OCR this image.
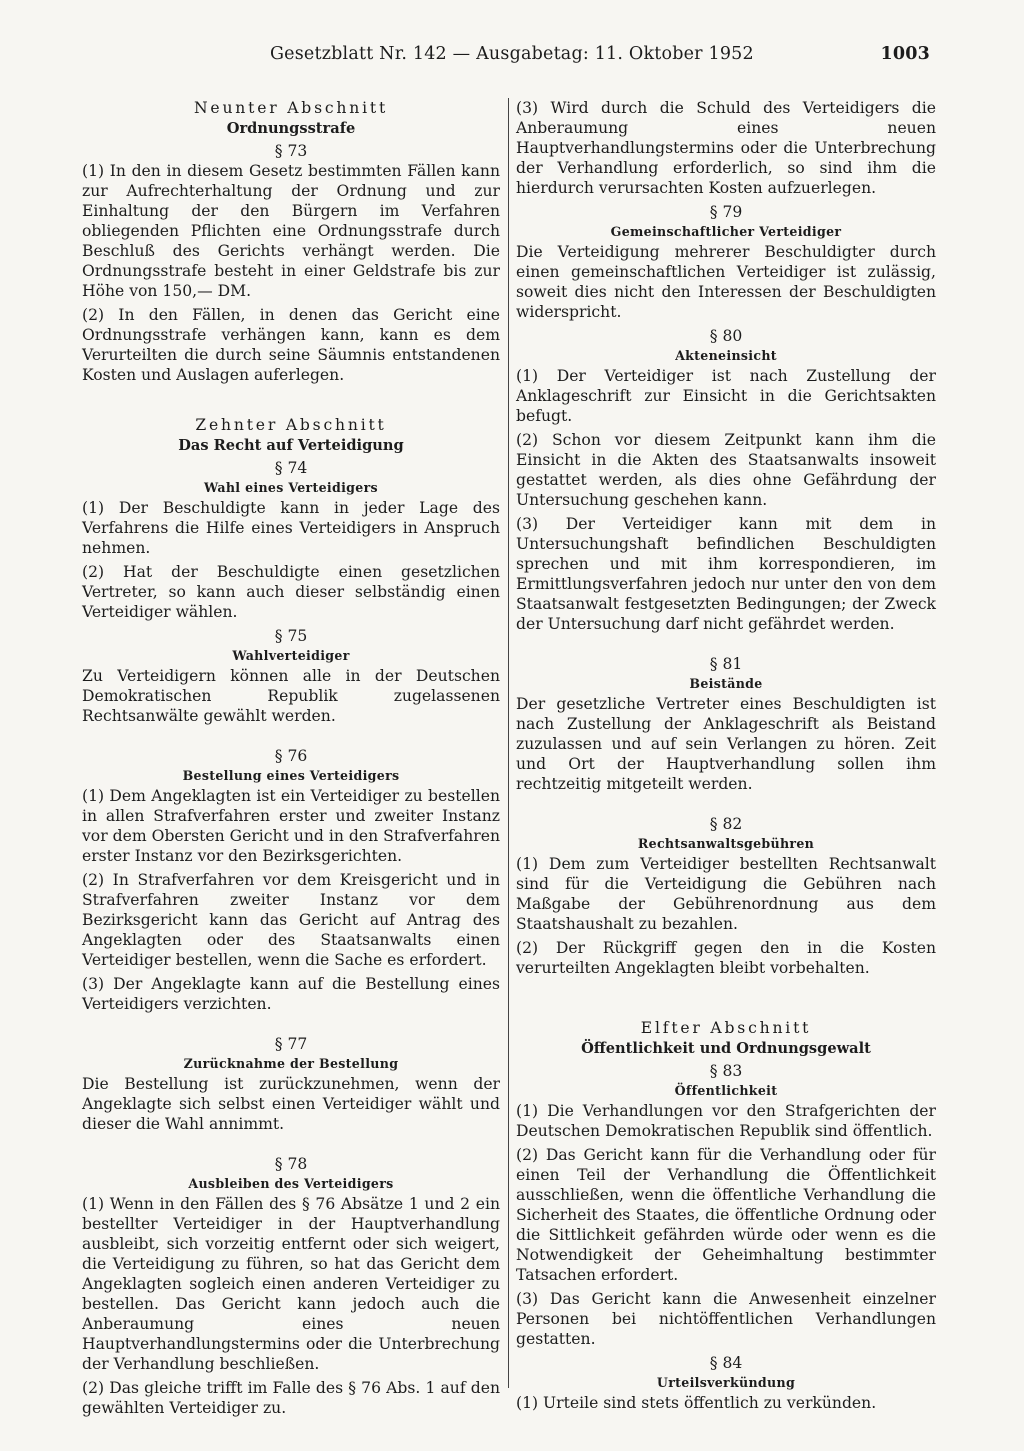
Gesetzblatt Nr. 142 — Ausgabetag: 11. Oktober 1952	1003

Neunter Abschnitt

Ordnungsstrafe

§ 73

(1) In den in diesem Gesetz bestimmten Fällen kann zur Aufrechterhaltung der Ordnung und zur Einhaltung der den Bürgern im Verfahren obliegenden Pflichten eine Ordnungsstrafe durch Beschluß des Gerichts verhängt werden. Die Ordnungsstrafe besteht in einer Geldstrafe bis zur Höhe von 150,— DM.

(2) In den Fällen, in denen das Gericht eine Ordnungsstrafe verhängen kann, kann es dem Verurteilten die durch seine Säumnis entstandenen Kosten und Auslagen auferlegen.

Zehnter Abschnitt

Das Recht auf Verteidigung

§ 74

Wahl eines Verteidigers

(1) Der Beschuldigte kann in jeder Lage des Verfahrens die Hilfe eines Verteidigers in Anspruch nehmen.

(2) Hat der Beschuldigte einen gesetzlichen Vertreter, so kann auch dieser selbständig einen Verteidiger wählen.

§ 75

Wahlverteidiger

Zu Verteidigern können alle in der Deutschen Demokratischen Republik zugelassenen Rechtsanwälte gewählt werden.

§ 76

Bestellung eines Verteidigers

(1) Dem Angeklagten ist ein Verteidiger zu bestellen in allen Strafverfahren erster und zweiter Instanz vor dem Obersten Gericht und in den Strafverfahren erster Instanz vor den Bezirksgerichten.

(2) In Strafverfahren vor dem Kreisgericht und in Strafverfahren zweiter Instanz vor dem Bezirksgericht kann das Gericht auf Antrag des Angeklagten oder des Staatsanwalts einen Verteidiger bestellen, wenn die Sache es erfordert.

(3) Der Angeklagte kann auf die Bestellung eines Verteidigers verzichten.

§ 77

Zurücknahme der Bestellung

Die Bestellung ist zurückzunehmen, wenn der Angeklagte sich selbst einen Verteidiger wählt und dieser die Wahl annimmt.

§ 78

Ausbleiben des Verteidigers

(1) Wenn in den Fällen des § 76 Absätze 1 und 2 ein bestellter Verteidiger in der Hauptverhandlung ausbleibt, sich vorzeitig entfernt oder sich weigert, die Verteidigung zu führen, so hat das Gericht dem Angeklagten sogleich einen anderen Verteidiger zu bestellen. Das Gericht kann jedoch auch die Anberaumung eines neuen Hauptverhandlungstermins oder die Unterbrechung der Verhandlung beschließen.

(2) Das gleiche trifft im Falle des § 76 Abs. 1 auf den gewählten Verteidiger zu.

(3) Wird durch die Schuld des Verteidigers die Anberaumung eines neuen Hauptverhandlungstermins oder die Unterbrechung der Verhandlung erforderlich, so sind ihm die hierdurch verursachten Kosten aufzuerlegen.

§ 79

Gemeinschaftlicher Verteidiger

Die Verteidigung mehrerer Beschuldigter durch einen gemeinschaftlichen Verteidiger ist zulässig, soweit dies nicht den Interessen der Beschuldigten widerspricht.

§ 80

Akteneinsicht

(1) Der Verteidiger ist nach Zustellung der Anklageschrift zur Einsicht in die Gerichtsakten befugt.

(2) Schon vor diesem Zeitpunkt kann ihm die Einsicht in die Akten des Staatsanwalts insoweit gestattet werden, als dies ohne Gefährdung der Untersuchung geschehen kann.

(3) Der Verteidiger kann mit dem in Untersuchungshaft befindlichen Beschuldigten sprechen und mit ihm korrespondieren, im Ermittlungsverfahren jedoch nur unter den von dem Staatsanwalt festgesetzten Bedingungen; der Zweck der Untersuchung darf nicht gefährdet werden.

§ 81

Beistände

Der gesetzliche Vertreter eines Beschuldigten ist nach Zustellung der Anklageschrift als Beistand zuzulassen und auf sein Verlangen zu hören. Zeit und Ort der Hauptverhandlung sollen ihm rechtzeitig mitgeteilt werden.

§ 82

Rechtsanwaltsgebühren

(1) Dem zum Verteidiger bestellten Rechtsanwalt sind für die Verteidigung die Gebühren nach Maßgabe der Gebührenordnung aus dem Staatshaushalt zu bezahlen.

(2) Der Rückgriff gegen den in die Kosten verurteilten Angeklagten bleibt vorbehalten.

Elfter Abschnitt

Öffentlichkeit und Ordnungsgewalt

§ 83

Öffentlichkeit

(1) Die Verhandlungen vor den Strafgerichten der Deutschen Demokratischen Republik sind öffentlich.

(2) Das Gericht kann für die Verhandlung oder für einen Teil der Verhandlung die Öffentlichkeit ausschließen, wenn die öffentliche Verhandlung die Sicherheit des Staates, die öffentliche Ordnung oder die Sittlichkeit gefährden würde oder wenn es die Notwendigkeit der Geheimhaltung bestimmter Tatsachen erfordert.

(3) Das Gericht kann die Anwesenheit einzelner Personen bei nichtöffentlichen Verhandlungen gestatten.

§ 84

Urteilsverkündung

(1) Urteile sind stets öffentlich zu verkünden.
